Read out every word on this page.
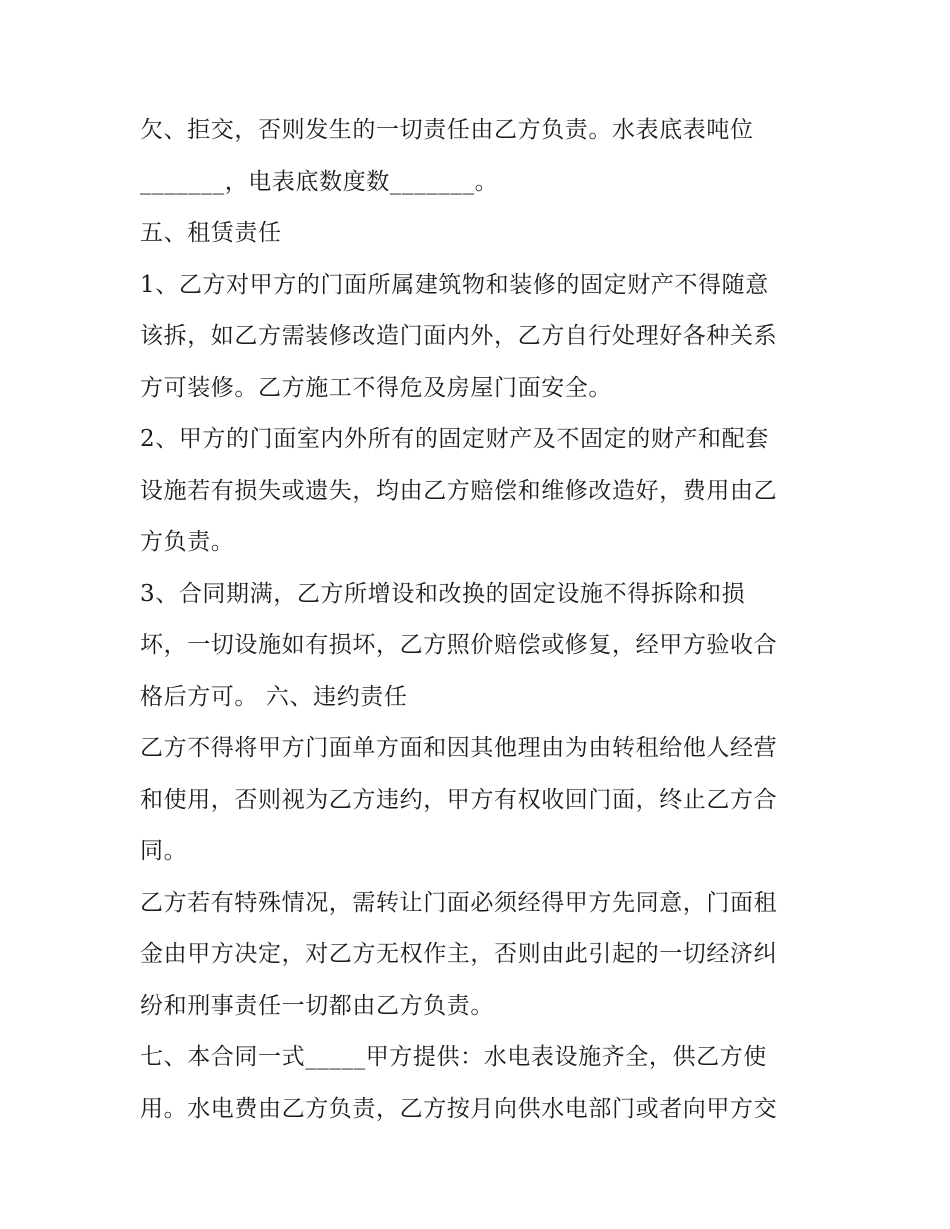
欠、拒交，否则发生的一切责任由乙方负责。水表底表吨位
_______，电表底数度数_______。
五、租赁责任
1、乙方对甲方的门面所属建筑物和装修的固定财产不得随意
该拆，如乙方需装修改造门面内外，乙方自行处理好各种关系
方可装修。乙方施工不得危及房屋门面安全。
2、甲方的门面室内外所有的固定财产及不固定的财产和配套
设施若有损失或遗失，均由乙方赔偿和维修改造好，费用由乙
方负责。
3、合同期满，乙方所增设和改换的固定设施不得拆除和损
坏，一切设施如有损坏，乙方照价赔偿或修复，经甲方验收合
格后方可。 六、违约责任
乙方不得将甲方门面单方面和因其他理由为由转租给他人经营
和使用，否则视为乙方违约，甲方有权收回门面，终止乙方合
同。
乙方若有特殊情况，需转让门面必须经得甲方先同意，门面租
金由甲方决定，对乙方无权作主，否则由此引起的一切经济纠
纷和刑事责任一切都由乙方负责。
七、本合同一式_____甲方提供：水电表设施齐全，供乙方使
用。水电费由乙方负责，乙方按月向供水电部门或者向甲方交
